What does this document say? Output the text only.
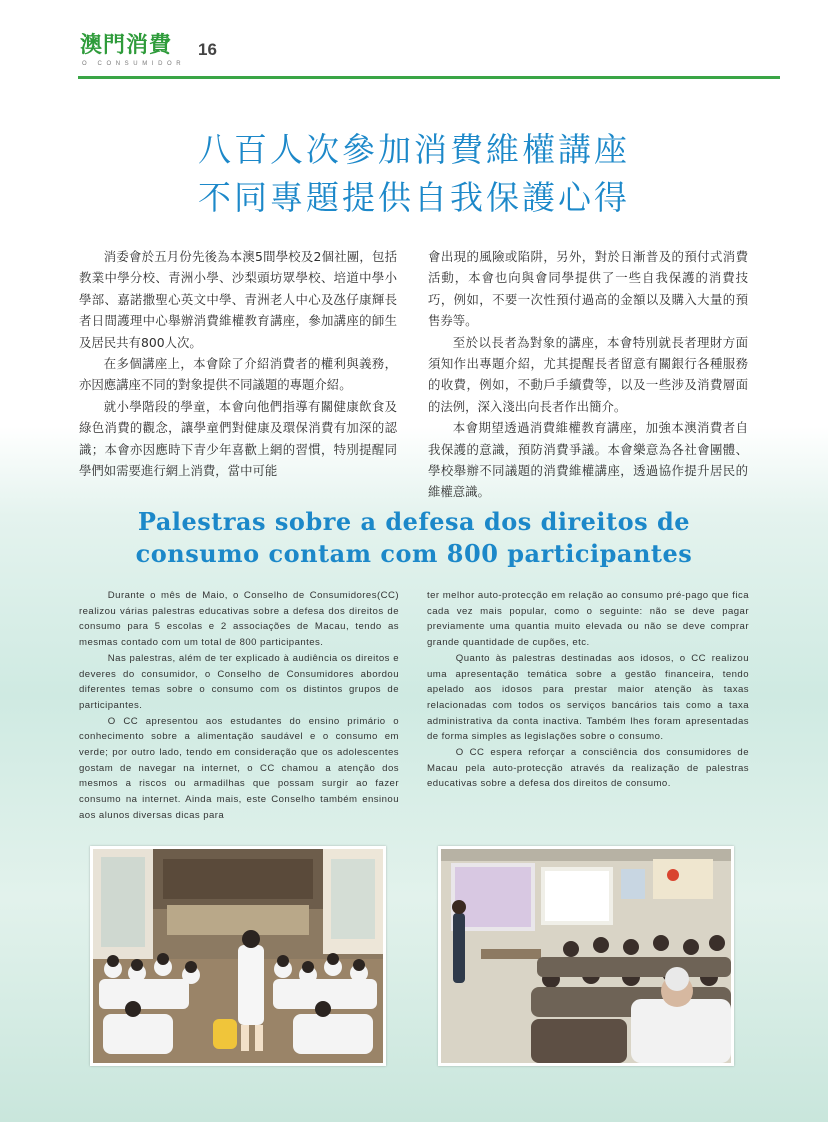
澳門消費
O CONSUMIDOR
16
八百人次參加消費維權講座
不同專題提供自我保護心得

消委會於五月份先後為本澳5間學校及2個社團，包括教業中學分校、青洲小學、沙梨頭坊眾學校、培道中學小學部、嘉諾撒聖心英文中學、青洲老人中心及氹仔康輝長者日間護理中心舉辦消費維權教育講座，參加講座的師生及居民共有800人次。

在多個講座上，本會除了介紹消費者的權利與義務，亦因應講座不同的對象提供不同議題的專題介紹。

就小學階段的學童，本會向他們指導有關健康飲食及綠色消費的觀念，讓學童們對健康及環保消費有加深的認識；本會亦因應時下青少年喜歡上網的習慣，特別提醒同學們如需要進行網上消費，當中可能

會出現的風險或陷阱，另外，對於日漸普及的預付式消費活動，本會也向與會同學提供了一些自我保護的消費技巧，例如，不要一次性預付過高的金額以及購入大量的預售券等。

至於以長者為對象的講座，本會特別就長者理財方面須知作出專題介紹，尤其提醒長者留意有關銀行各種服務的收費，例如，不動戶手續費等，以及一些涉及消費層面的法例，深入淺出向長者作出簡介。

本會期望透過消費維權教育講座，加強本澳消費者自我保護的意識，預防消費爭議。本會樂意為各社會團體、學校舉辦不同議題的消費維權講座，透過協作提升居民的維權意識。

Palestras sobre a defesa dos direitos de
consumo contam com 800 participantes

Durante o mês de Maio, o Conselho de Consumidores(CC) realizou várias palestras educativas sobre a defesa dos direitos de consumo para 5 escolas e 2 associações de Macau, tendo as mesmas contado com um total de 800 participantes.

Nas palestras, além de ter explicado à audiência os direitos e deveres do consumidor, o Conselho de Consumidores abordou diferentes temas sobre o consumo com os distintos grupos de participantes.

O CC apresentou aos estudantes do ensino primário o conhecimento sobre a alimentação saudável e o consumo em verde; por outro lado, tendo em consideração que os adolescentes gostam de navegar na internet, o CC chamou a atenção dos mesmos a riscos ou armadilhas que possam surgir ao fazer consumo na internet. Ainda mais, este Conselho também ensinou aos alunos diversas dicas para

ter melhor auto-protecção em relação ao consumo pré-pago que fica cada vez mais popular, como o seguinte: não se deve pagar previamente uma quantia muito elevada ou não se deve comprar grande quantidade de cupões, etc.

Quanto às palestras destinadas aos idosos, o CC realizou uma apresentação temática sobre a gestão financeira, tendo apelado aos idosos para prestar maior atenção às taxas relacionadas com todos os serviços bancários tais como a taxa administrativa da conta inactiva. Também lhes foram apresentadas de forma simples as legislações sobre o consumo.

O CC espera reforçar a consciência dos consumidores de Macau pela auto-protecção através da realização de palestras educativas sobre a defesa dos direitos de consumo.
